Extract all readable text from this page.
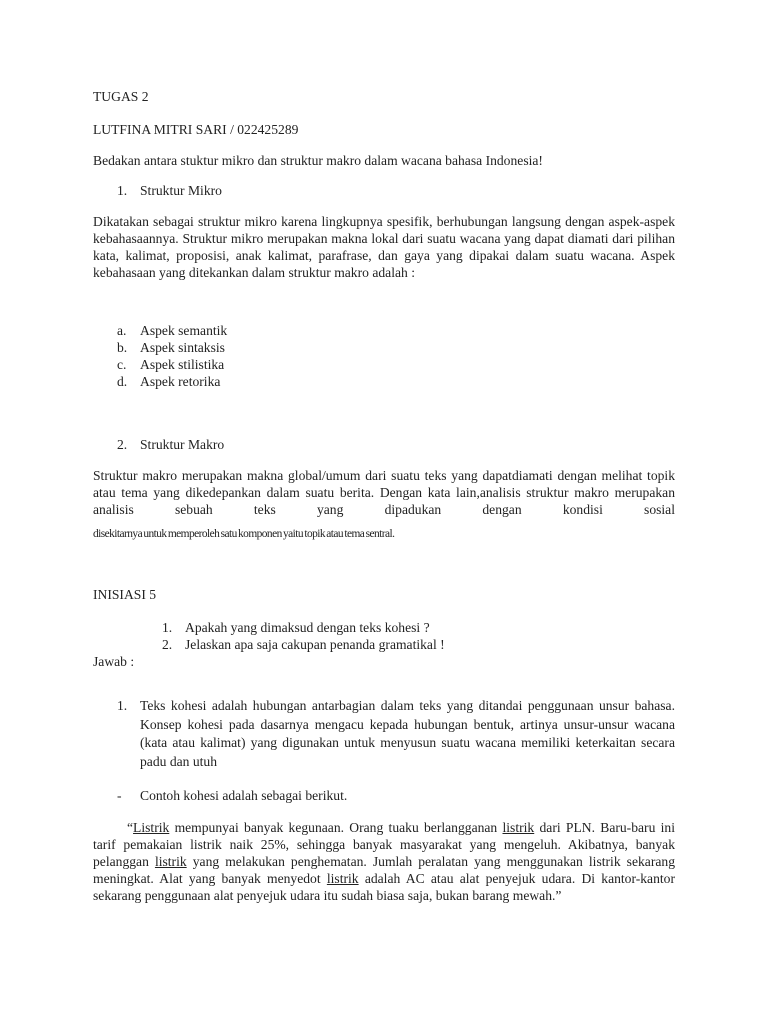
TUGAS 2

LUTFINA MITRI SARI / 022425289

Bedakan antara stuktur mikro dan struktur makro dalam wacana bahasa Indonesia!

1. Struktur Mikro

Dikatakan sebagai struktur mikro karena lingkupnya spesifik, berhubungan langsung dengan aspek-aspek kebahasaannya. Struktur mikro merupakan makna lokal dari suatu wacana yang dapat diamati dari pilihan kata, kalimat, proposisi, anak kalimat, parafrase, dan gaya yang dipakai dalam suatu wacana. Aspek kebahasaan yang ditekankan dalam struktur makro adalah :

a. Aspek semantik
b. Aspek sintaksis
c. Aspek stilistika
d. Aspek retorika
2. Struktur Makro

Struktur makro merupakan makna global/umum dari suatu teks yang dapatdiamati dengan melihat topik atau tema yang dikedepankan dalam suatu berita. Dengan kata lain,analisis struktur makro merupakan analisis sebuah teks yang dipadukan dengan kondisi sosial

disekitarnya untuk memperoleh satu komponen yaitu topik atau tema sentral.

INISIASI 5

1. Apakah yang dimaksud dengan teks kohesi ?
2. Jelaskan apa saja cakupan penanda gramatikal !

Jawab :

1. Teks kohesi adalah hubungan antarbagian dalam teks yang ditandai penggunaan unsur bahasa. Konsep kohesi pada dasarnya mengacu kepada hubungan bentuk, artinya unsur-unsur wacana (kata atau kalimat) yang digunakan untuk menyusun suatu wacana memiliki keterkaitan secara padu dan utuh
- Contoh kohesi adalah sebagai berikut.

“Listrik mempunyai banyak kegunaan. Orang tuaku berlangganan listrik dari PLN. Baru-baru ini tarif pemakaian listrik naik 25%, sehingga banyak masyarakat yang mengeluh. Akibatnya, banyak pelanggan listrik yang melakukan penghematan. Jumlah peralatan yang menggunakan listrik sekarang meningkat. Alat yang banyak menyedot listrik adalah AC atau alat penyejuk udara. Di kantor-kantor sekarang penggunaan alat penyejuk udara itu sudah biasa saja, bukan barang mewah.”
